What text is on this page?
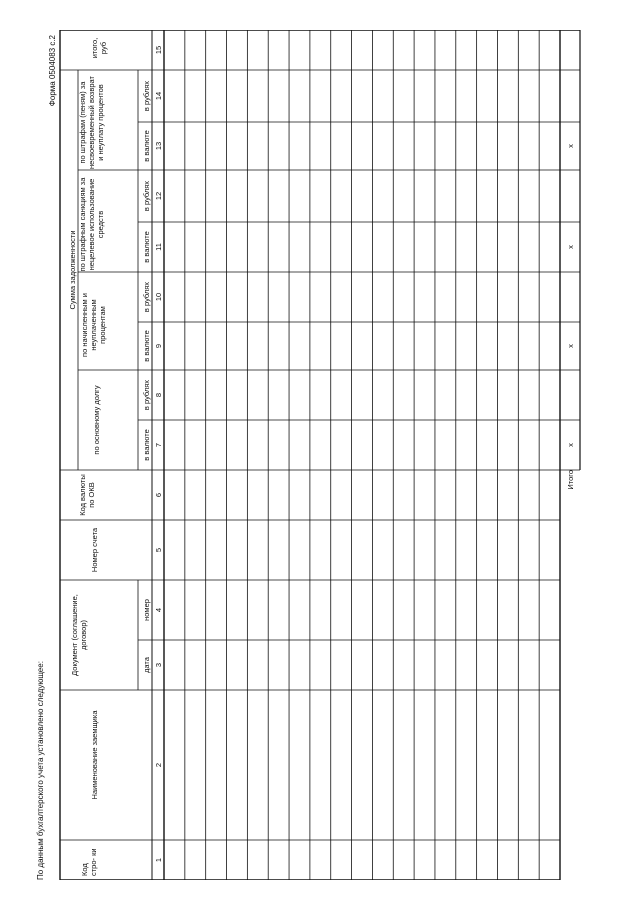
По данным бухгалтерского учета установлено следующее:
Форма 0504083 с.2
Код стро- ки
Наименование заемщика
Документ (соглашение, договор)
дата
номер
Номер счета
Код валюты по ОКВ
Сумма задолженности
по основному долгу
по начисленным и неуплаченным процентам
по штрафным санкциям за нецелевое использование средств
по штрафам (пеням) за несвоевременный возврат и неуплату процентов
итого, руб
в валюте
в рублях
в валюте
в рублях
в валюте
в рублях
в валюте
в рублях
1
2
3
4
5
6
7
8
9
10
11
12
13
14
15
Итого
x
x
x
x
